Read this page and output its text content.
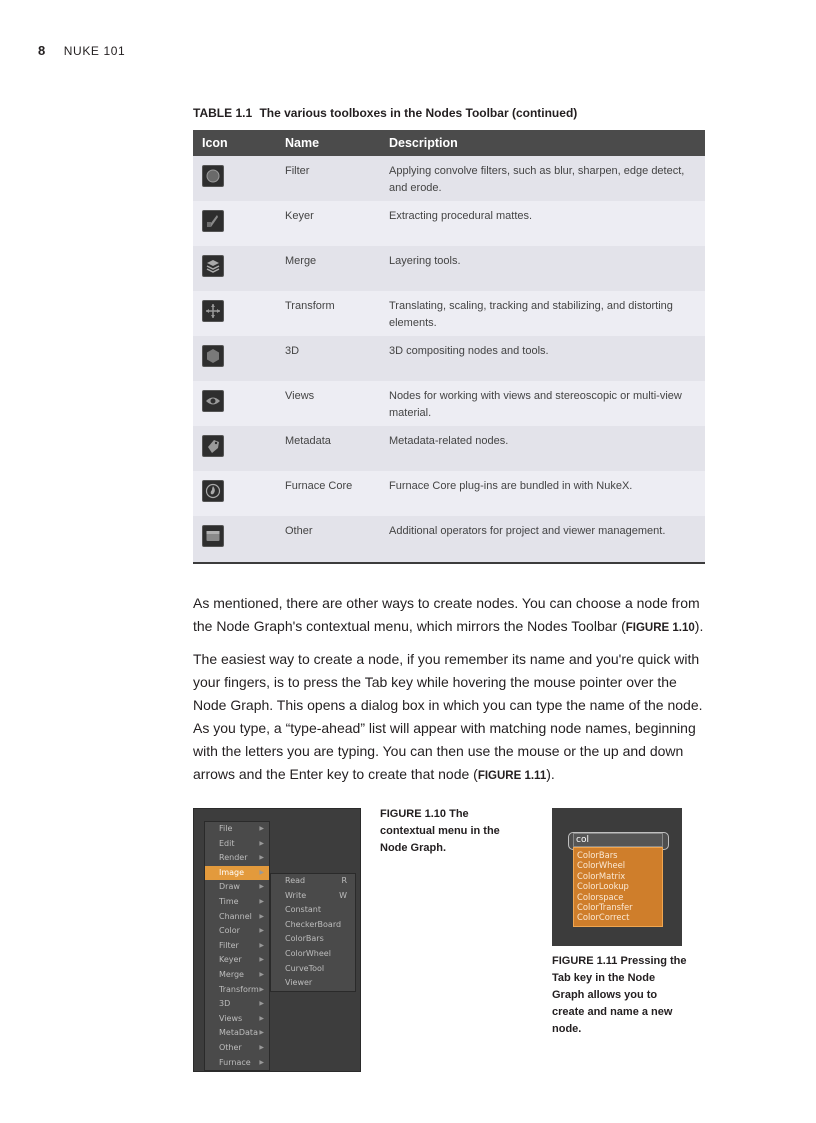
8 NUKE 101
TABLE 1.1 The various toolboxes in the Nodes Toolbar (continued)
Icon	Name	Description

	Filter	Applying convolve filters, such as blur, sharpen, edge detect, and erode.

	Keyer	Extracting procedural mattes.

	Merge	Layering tools.

	Transform	Translating, scaling, tracking and stabilizing, and distorting elements.

	3D	3D compositing nodes and tools.

	Views	Nodes for working with views and stereoscopic or multi-view material.

	Metadata	Metadata-related nodes.

	Furnace Core	Furnace Core plug-ins are bundled in with NukeX.

	Other	Additional operators for project and viewer management.

As mentioned, there are other ways to create nodes. You can choose a node from the Node Graph's contextual menu, which mirrors the Nodes Toolbar (FIGURE 1.10).

The easiest way to create a node, if you remember its name and you're quick with your fingers, is to press the Tab key while hovering the mouse pointer over the Node Graph. This opens a dialog box in which you can type the name of the node. As you type, a “type-ahead” list will appear with matching node names, beginning with the letters you are typing. You can then use the mouse or the up and down arrows and the Enter key to create that node (FIGURE 1.11).

File	▶
Edit	▶
Render ▶
Image	▶
Draw	▶
Time	▶
Channel ▶
Color	▶
Filter	▶
Keyer	▶
Merge	▶
Transform ▶
3D	▶
Views	▶
MetaData ▶
Other	▶
Furnace ▶
Read	R
Write	W
Constant
CheckerBoard
ColorBars
ColorWheel
CurveTool
Viewer
FIGURE 1.10 The contextual menu in the Node Graph.
col
ColorBars
ColorWheel
ColorMatrix
ColorLookup
Colorspace
ColorTransfer
ColorCorrect
FIGURE 1.11 Pressing the Tab key in the Node Graph allows you to create and name a new node.
